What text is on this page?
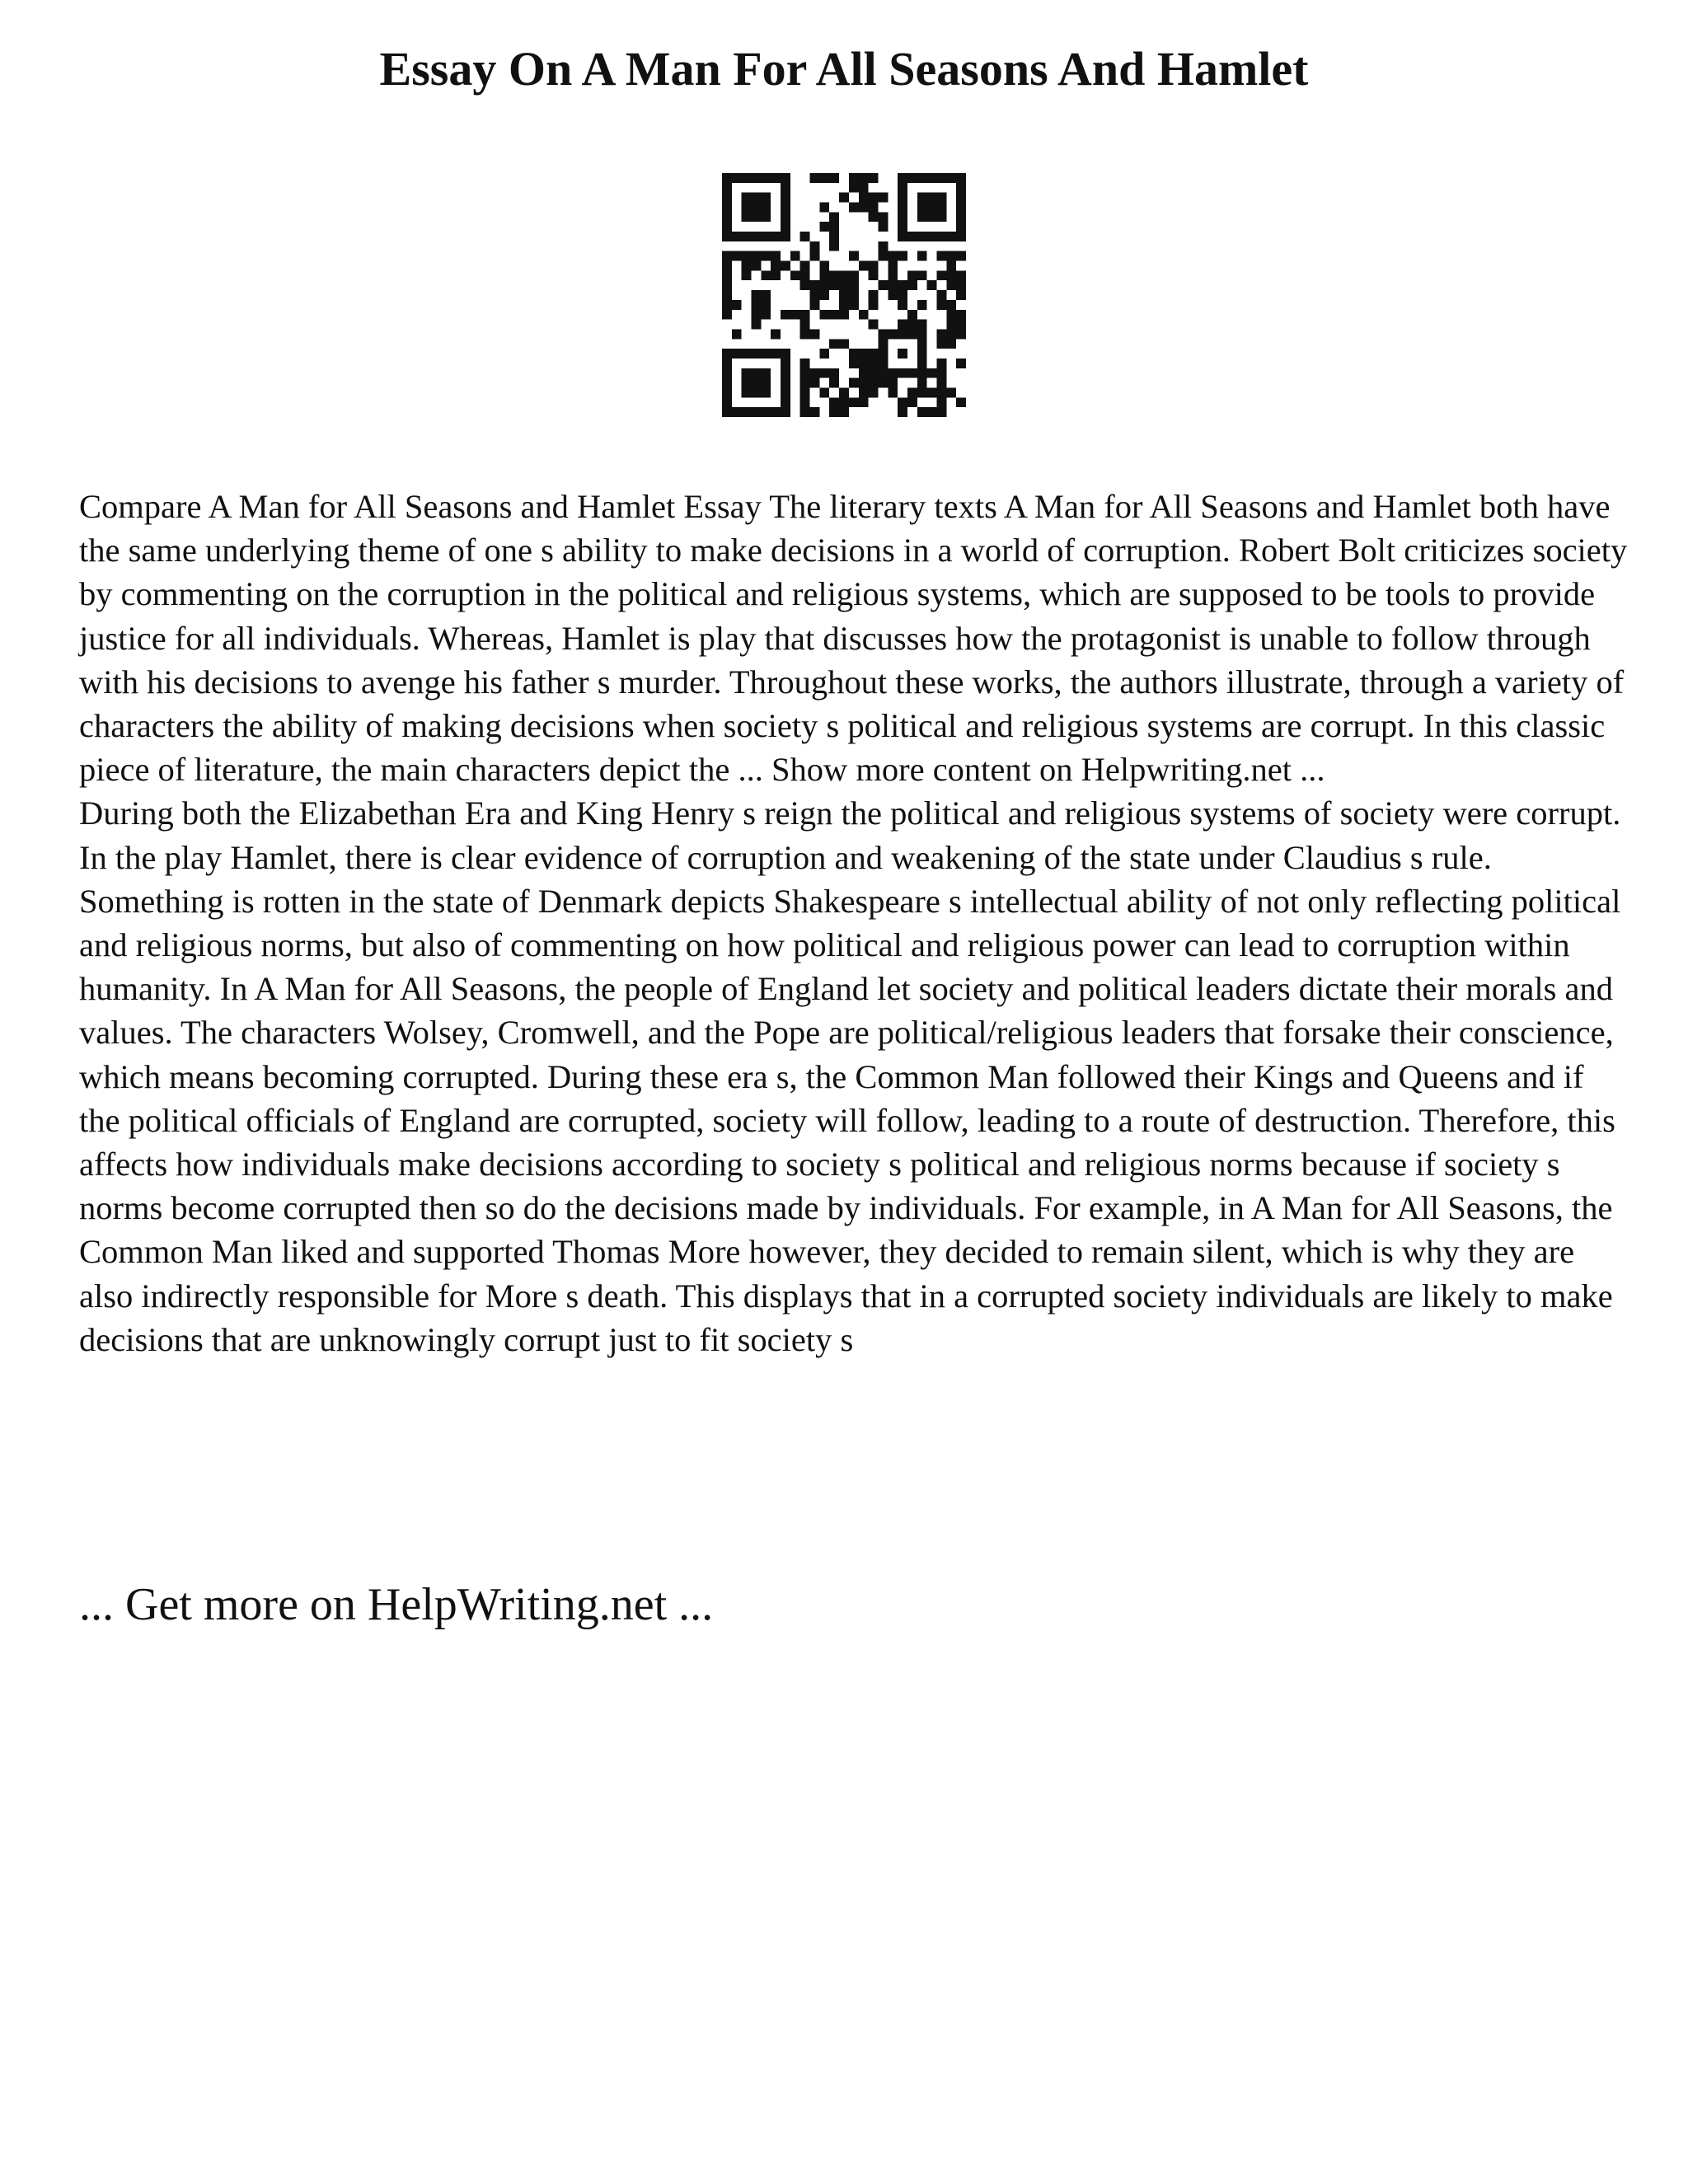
Essay On A Man For All Seasons And Hamlet

Compare A Man for All Seasons and Hamlet Essay The literary texts A Man for All Seasons and Hamlet both have the same underlying theme of one s ability to make decisions in a world of corruption. Robert Bolt criticizes society by commenting on the corruption in the political and religious systems, which are supposed to be tools to provide justice for all individuals. Whereas, Hamlet is play that discusses how the protagonist is unable to follow through with his decisions to avenge his father s murder. Throughout these works, the authors illustrate, through a variety of characters the ability of making decisions when society s political and religious systems are corrupt. In this classic piece of literature, the main characters depict the ... Show more content on Helpwriting.net ...

During both the Elizabethan Era and King Henry s reign the political and religious systems of society were corrupt. In the play Hamlet, there is clear evidence of corruption and weakening of the state under Claudius s rule. Something is rotten in the state of Denmark depicts Shakespeare s intellectual ability of not only reflecting political and religious norms, but also of commenting on how political and religious power can lead to corruption within humanity. In A Man for All Seasons, the people of England let society and political leaders dictate their morals and values. The characters Wolsey, Cromwell, and the Pope are political/religious leaders that forsake their conscience, which means becoming corrupted. During these era s, the Common Man followed their Kings and Queens and if the political officials of England are corrupted, society will follow, leading to a route of destruction. Therefore, this affects how individuals make decisions according to society s political and religious norms because if society s norms become corrupted then so do the decisions made by individuals. For example, in A Man for All Seasons, the Common Man liked and supported Thomas More however, they decided to remain silent, which is why they are also indirectly responsible for More s death. This displays that in a corrupted society individuals are likely to make decisions that are unknowingly corrupt just to fit society s

... Get more on HelpWriting.net ...
